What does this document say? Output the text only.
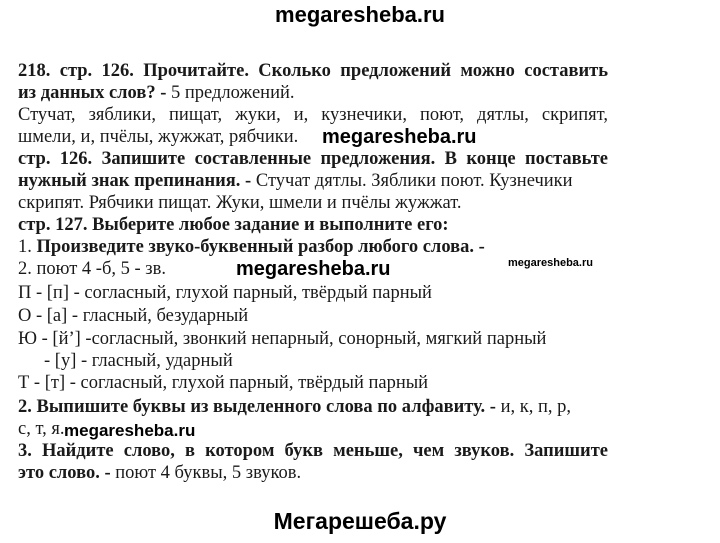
megaresheba.ru
218. стр. 126. Прочитайте. Сколько предложений можно составить
из данных слов? - 5 предложений.
Стучат, зяблики, пищат, жуки, и, кузнечики, поют, дятлы, скрипят,
шмели, и, пчёлы, жужжат, рябчики. megaresheba.ru
стр. 126. Запишите составленные предложения. В конце поставьте
нужный знак препинания. - Стучат дятлы. Зяблики поют. Кузнечики
скрипят. Рябчики пищат. Жуки, шмели и пчёлы жужжат.
стр. 127. Выберите любое задание и выполните его:
1. Произведите звуко-буквенный разбор любого слова. -
2. поют 4 -б, 5 - зв.	megaresheba.ru	megaresheba.ru
П - [п] - согласный, глухой парный, твёрдый парный
О - [а] - гласный, безударный
Ю - [й’] -согласный, звонкий непарный, сонорный, мягкий парный
- [у] - гласный, ударный
Т - [т] - согласный, глухой парный, твёрдый парный
2. Выпишите буквы из выделенного слова по алфавиту. - и, к, п, р,
с, т, я. megaresheba.ru
3. Найдите слово, в котором букв меньше, чем звуков. Запишите
это слово. - поют 4 буквы, 5 звуков.
Мегарешеба.ру
